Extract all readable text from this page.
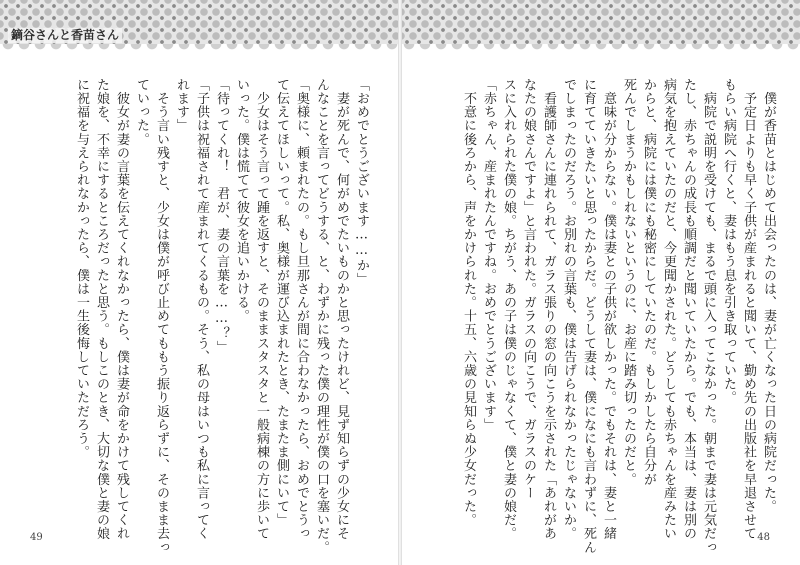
「おめでとうございます……か」
　妻が死んで、何がめでたいものかと思ったけれど、見ず知らずの少女にそ
んなことを言ってどうする、と、わずかに残った僕の理性が僕の口を塞いだ。
「奥様に、頼まれたの。もし旦那さんが間に合わなかったら、おめでとうっ
て伝えてほしいって。私、奥様が運び込まれたとき、たまたま側にいて」
　少女はそう言って踵を返すと、そのままスタスタと一般病棟の方に歩いて
いった。僕は慌てて彼女を追いかける。
「待ってくれ！　君が、妻の言葉を……？」
「子供は祝福されて産まれてくるもの。そう、私の母はいつも私に言ってく
れます」
　そう言い残すと、少女は僕が呼び止めてももう振り返らずに、そのまま去っ
ていった。
　彼女が妻の言葉を伝えてくれなかったら、僕は妻が命をかけて残してくれ
た娘を、不幸にするところだったと思う。もしこのとき、大切な僕と妻の娘
に祝福を与えられなかったら、僕は一生後悔していただろう。
49
　僕が香苗とはじめて出会ったのは、妻が亡くなった日の病院だった。
　予定日よりも早く子供が産まれると聞いて、勤め先の出版社を早退させて
もらい病院へ行くと、妻はもう息を引き取っていた。
　病院で説明を受けても、まるで頭に入ってこなかった。朝まで妻は元気だっ
たし、赤ちゃんの成長も順調だと聞いていたから。でも、本当は、妻は別の
病気を抱えていたのだと、今更聞かされた。どうしても赤ちゃんを産みたい
からと、病院には僕にも秘密にしていたのだ。もしかしたら自分が
死んでしまうかもしれないというのに、お産に踏み切ったのだと。
　意味が分からない。僕は妻との子供が欲しかった。でもそれは、妻と一緒
に育てていきたいと思ったからだ。どうして妻は、僕になにも言わずに、死ん
でしまったのだろう。お別れの言葉も、僕は告げられなかったじゃないか。
　看護師さんに連れられて、ガラス張りの窓の向こうを示された「あれがあ
なたの娘さんですよ」と言われた。ガラスの向こうで、ガラスのケー
スに入れられた僕の娘。ちがう、あの子は僕のじゃなくて、僕と妻の娘だ。
「赤ちゃん、産まれたんですね。おめでとうございます」
　不意に後ろから、声をかけられた。十五、六歳の見知らぬ少女だった。
48
鏑谷さんと香苗さん
